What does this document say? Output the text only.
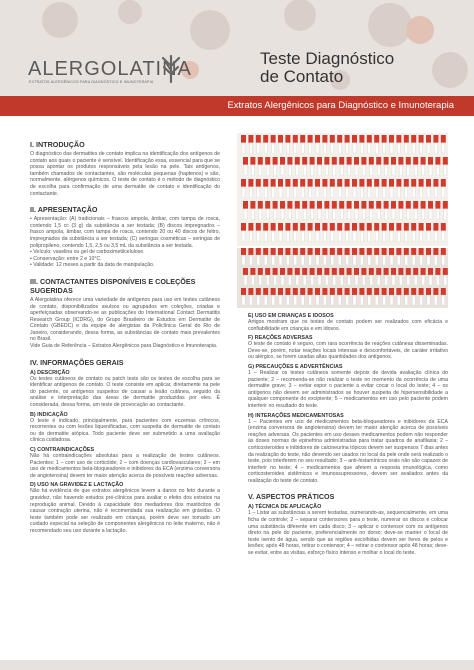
ALERGOLATINA
EXTRATOS ALERGÊNICOS PARA DIAGNÓSTICO E IMUNOTERAPIA
Teste Diagnóstico
de Contato
Extratos Alergênicos para Diagnóstico e Imunoterapia
I. INTRODUÇÃO
O diagnóstico das dermatites de contato implica na identificação dos antígenos de contato aos quais o paciente é sensível. Identificação essa, essencial para que se possa apontar os produtos responsáveis pela lesão na pele. Tais antígenos, também chamados de contactantes, são moléculas pequenas (haptenos) e são, normalmente, alérgenos químicos. O teste de contato é o método de diagnóstico de escolha para confirmação de uma dermatite de contato e identificação do contactante.
II. APRESENTAÇÃO
• Apresentação: (A) tradicionais – frascos ampola, âmbar, com tampa de rosca, contendo 1,5 cc (3 g) da substância a ser testada; (B) discos impregnados – frasco ampola, âmbar, com tampa de rosca, contendo 20 ou 40 discos de feltro, impregnados da substância a ser testada; (C) seringas cosméticas – seringas de polipropileno, contendo 1,5, 2,5 ou 3,5 mL da substância a ser testada.
• Veículo: vaselina ou gel de carboximetilcelulose.
• Conservação: entre 2 e 10°C.
• Validade: 12 meses a partir da data de manipulação.
III. CONTACTANTES DISPONÍVEIS E COLEÇÕES SUGERIDAS
A Alergolatina oferece uma variedade de antígenos para uso em testes cutâneos de contato, disponibilizados avulsos ou agrupados em coleções, criadas e aperfeiçoadas observando-se as publicações do International Contact Dermatitis Research Group (ICDRG), do Grupo Brasileiro de Estudos em Dermatite de Contato (GBEDC) e da equipe de alergistas da Policlínica Geral do Rio de Janeiro, considerando, dessa forma, as substâncias de contato mais prevalentes no Brasil.
Vide Guia de Referência – Extratos Alergênicos para Diagnóstico e Imunoterapia.
IV. INFORMAÇÕES GERAIS
A) DESCRIÇÃO
Os testes cutâneos de contato ou patch tests são os testes de escolha para se identificar antígenos de contato. O teste consiste em aplicar, diretamente na pele do paciente, os antígenos suspeitos de causar a lesão cutânea, seguido da análise e interpretação das áreas de dermatite produzidas por eles. É considerada, dessa forma, um teste de provocação ao contactante.
B) INDICAÇÃO
O teste é indicado, principalmente, para pacientes com eczemas crônicos, recorrentes ou com lesões liquenificadas, com suspeita de dermatite de contato ou de dermatite atópica. Todo paciente deve ser submetido a uma avaliação clínica cuidadosa.
C) CONTRAINDICAÇÕES
Não há contraindicações absolutas para a realização de testes cutâneos. Pacientes: 1 – com uso de corticóide; 2 – com doenças cardiovasculares; 3 – em uso de medicamentos beta-bloqueadores e inibidores da ECA (enzima conversora de angiotensina) devem ter maior atenção acerca de possíveis reações adversas.
D) USO NA GRAVIDEZ E LACTAÇÃO
Não há evidência de que extratos alergênicos levem a danos no feto durante a gravidez, não havendo estudos pré-clínicos para avaliar o efeito dos extratos na reprodução animal. Devido à capacidade dos mediadores dos mastócitos de causar contração uterina, não é recomendada sua realização em grávidas. O teste também pode ser realizado em crianças, porém deve ser tomado um cuidado especial na seleção de componentes alergênicos no leite materno, não é recomendado seu uso durante a lactação.
E) USO EM CRIANÇAS E IDOSOS
Artigos mostram que os testes de contato podem ser realizados com eficácia e confiabilidade em crianças e em idosos.
F) REAÇÕES ADVERSAS
O teste de contato é seguro, com rara ocorrência de reações cutâneas disseminadas. Deve-se, porém, notar reações locais intensas e desconfortáveis, de caráter irritativo ou alérgico, se forem usadas altas quantidades dos antígenos.
G) PRECAUÇÕES E ADVERTÊNCIAS
1 – Realizar os testes cutâneos somente depois de devida avaliação clínica do paciente; 2 – recomenda-se não realizar o teste no momento da ocorrência de uma dermatite grave; 3 – evitar expor o paciente a evitar cocar o local do teste; 4 – os antígenos não devem ser administrados se houver suspeita de hipersensibilidade a qualquer componente do excipiente; 5 – medicamentos em uso pelo paciente podem interferir no resultado do teste.
H) INTERAÇÕES MEDICAMENTOSAS
1 – Pacientes em uso de medicamentos beta-bloqueadores e inibidores da ECA (enzima conversora de angiotensina) devem ter maior atenção acerca de possíveis reações adversas. Os pacientes em uso desses medicamentos podem não responder às doses normas de epinefrina administradas para tratar quadros de anafilaxia; 2 – corticosteroides e inibidores de calcineurina tópicos devem ser suspensos 7 dias antes da realização do teste, não devendo ser usados no local da pele onde será realizado o teste, pois interferem no seu resultado; 3 – anti-histamínicos orais não são capazes de interferir no teste; 4 – medicamentos que afetem a resposta imunológica, como corticosteroides sistêmicos e imunossupressores, devem ser avaliados antes da realização do teste de contato.
V. ASPECTOS PRÁTICOS
A) TÉCNICA DE APLICAÇÃO
1 – Listar as substâncias a serem testadas, numerando-as, sequencialmente, em uma ficha de controle; 2 – separar contensores para o teste, numerar os discos e colocar uma substância diferente em cada disco; 3 – aplicar o contensor com os antígenos direto na pele do paciente, preferencialmente no dorso; deve-se manter o local de teste isento de água, sendo que as regiões escolhidas devem ser livres de pelos e lesões; após 48 horas, retirar o contensor; 4 – retirar o contensor após 48 horas; deve-se evitar, entre as visitas, esforço físico intenso e molhar o local do teste.
